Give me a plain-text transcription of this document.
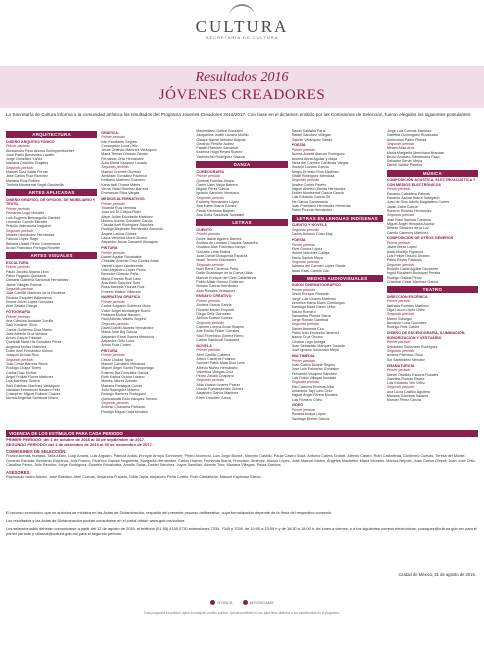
CULTURA
SECRETARÍA DE CULTURA
Resultados 2016
JÓVENES CREADORES
La Secretaría de Cultura informa a la comunidad artística los resultados del Programa Jóvenes Creadores 2016/2017. Con base en el dictamen emitido por las Comisiones de Selección, fueron elegidos los siguientes postulantes:
ARQUITECTURA
DISEÑO ARQUITECTÓNICO
Primer periodo
Alessandro Pavo Alonso Schleppenkoetter
Juan Pablo Benavides Lavalle
Jorge González Yáñez
Mariana Ordóñez Grajales
Segundo periodo
Manuel Díaz Salas Porras
José Carlos Ruiz Ramírez
Mariana Ríos Robles
Thelma Montserrat Segal Gardavilla
ARTES APLICADAS
DISEÑO GRÁFICO, DE OFICIOS, DE MOBILIARIO Y TEXTIL
Primer periodo
Fernando Lugo Morales
Luis Eugenio Bermeguillo Gamble
Leonardo Carrillo Méndez
Priscila Valenzuela Izaguirre
Segundo periodo
Moisés Hernández Hernández
Fabiola López Rago
Bibiana Lissett Pérez Colmenares
Aruan Francisco Portugal Rosette
ARTES VISUALES
ESCULTURA
Primer periodo
Paulo Jacobo Aldana León
Pablo Rogaolo Quintanar
Damaris Gabriela Sandoval Hernández
Jaime Villegas Ramos
Segundo periodo
Julia Camille Martínez de la Escalera
Ricardo Esquivel Ballesteros
Emma Jeizel López González
Abel Zavala Ortega
FOTOGRAFÍA
Primer periodo
Ana Carolina Andrade Zorrilla
Saúl Kaminer Girón
Carlos Guillermo Díaz Martín
José Alfredo Cruz Medina
Arturo García Trinidad
Quetzalli Nicte-Ha González Pérez
Angelina Nuñez Martínez
Dulce Itzel Fernández Alonso
Joaquín Urrutia Ruiz
Segundo periodo
Julio César Barrera Sierra
Rodrigo Chapa Torres
Carlos Díaz Muñoz
Ángel Froilán Flores Martínez
Luis Martínez Guerra
Saúl Esteban Martínez Velázquez
Nahatan Emmanuel Navarro Félix
Cristopher Miguel Rolland Chávez
Norma Angélica Sandoval Bravo
GRÁFICA
Primer periodo
Irán Escalante Segura
Concepción Luna Ortiz
Jesús Orlando Martínez Velázquez
María Teresa Olmedo Zavala
Fernando Ortiz Hernández
Aura María Vázquez Lozada
Segundo periodo
Marisol Cremes Guzmán
Abraham González Pacheco
Emiliano Martínez Guerrero
Karla Itzel Ovarra Mares
Verna Yadid Ramírez Barrera
Emmanuel Silva Vargas
MEDIOS ALTERNATIVOS
Primer periodo
Yolanda Ruíz Heredia
Juan Izu Di Crispol Rojel
Aleph Julián Escobedo Martínez
Mónica Ivonne González García
Claudia Itzel Rodríguez Sánchez
Rodrigo Alejandro Hernández Acevedo
Ángela Lavina Gómez
Laura Verónica Mora Orozco
Alejandro Jesús Zamarrie Almaguer
PINTURA
Primer periodo
Daniel Aguilar Ruvalcaba
Christian Antonio Cruz Gómez Arias
Yareeli López Landeverde
Uriel Alejandro López Pérez
Berenice Olmedo Peña
María Ernesto Ruel Lauz
Ana Ibeth Sánchez Soto
Rosa Marcela Ysunza Ruiz
Ernesto Walker Villarreal
NARRATIVA GRÁFICA
Primer periodo
Carlos Augusto Gutiérrez Mora
Víctor Ángel Montalegre Romo
Rosaura Muñoz Navarro
Raúl Alfonso Valdés Segura
Segundo periodo
David Daniel Álvarez Hernández
María José Boj García
Alejandro Elma Gómez Mendoza
Alejandra Ortiz Luna
Arturo Ruiz Cortés
PINTURA
Primer periodo
César Ciudad Tapia
Manuel Camacho Mendoza
Miguel Ángel Garibi Franquelago
Erasmo Ilya González García
Ruth Karina Ochoa Lozano
Moisés Jáurez Arévalo
Mariana Paniagua Corrés
Julio Rodríguez Moreno
Rodrigo Ramírez Rodríguez
Quetzalcoatl Raúl Vázquez Tenorio
Segundo periodo
Antonio Chavarría Pichardo
Rodrigo Miguel Gaja Morales
Maximiliano Gatica González
Jacqueline Judith Lozano Murillo
Gladys Noemí Méndez Alayola
Gerardo Peroña Juárez
Fabián Ramírez Sandoval
Itzamna Hugo Reyes Suárez
Yacksechel Rodríguez Salazar
DANZA
COREOGRAFÍA
Primer periodo
Quetzal Fuentes Anaya
Darim Uziel Mejía Barrera
Miguel Pérez García
Ignacio Sánchez Verdusco
Segundo periodo
Eridamy Hernández López
Ana Karen Ibarra Gómez
Paola Kirchman Balpich
Ana Sofía Sandoval Toussaint
LETRAS
CUENTO
Primer periodo
Dulce Isabel Aguirre Barrera
Andrea de Lourdes Chapela Saavedra
Gustavo Alan Francisco Idroyo
Gonzalo Lima Molina
Juan Daniel Mosqueda Esparza
Israel Tenorio Holzwarter
Segundo periodo
Noel René Cisneros Peña
Dalia Guadalupe de la Cueva Ulloa
Manuel Enrique del Cielo Castellanos
Pablo Alfaib Gómez Gutiérrez
Moisés García Hernández
Aldo Rosales Velázquez
ENSAYO CREATIVO
Primer periodo
Andrea García García
Ricardo Medel Esquivel
Diego Ortíz González
Ainhoa Suárez Gómez
Segundo periodo
Carmen Lorena Amat Shapiro
Ana Emilia Felker Corrales
Saúl Florentino Gómez Fierro
Carlos Sandoval Toussaint
NOVELA
Primer periodo
Abril Castillo Cabrera
Arturo Cisneros Polanco
Samuel Pablo Mata Díaz León
Alfredo Núñez Hernández
Valentina Villegas Cruz
Pedro Zavala Chaparro
Segundo periodo
Aida Vivana Linares Parker
Ursula Fuentesberain Gómez
Alejandro García Martínez
Efrén Ordóñez Garza
Daniel Saldaña París
Rafael Sánchez Villegas
Gabriel Velázquez Toledo
POESÍA
Primer periodo
Norma Araceli Alarcón Rodríguez
Andrea Alicia Aguilar y Maya
Tania del Carmen Cárdenas Vargas
Horacio Lozano García
Sergio Ernesto Ríos Martínez
Xitlalli Rodríguez Mendoza
Segundo periodo
Azalea Cortés Pineiro
Miguel Ahmed Obeida Hernández
Esther Montserrat García García
Luis Eduardo García Gil
Iris García Santamaría
Juan Francisco Hernández Herrerías
Pablo Picenia Hernández
LETRAS EN LENGUAS INDÍGENAS
CUENTO Y NOVELA
Segundo periodo
Carlos Antonio Chan May
POESÍA
Primer periodo
Elvis Guerra López
Hubert Martínez Calleja
María Santos Meza
Segundo periodo
Adriana del Carmen López Sántiz
Isaac Esaú Carrillo Can
MEDIOS AUDIOVISUALES
GUION CINEMATOGRÁFICO
Primer periodo
Jesús Enrique Rinzanin
Jorge Luis Linares Martínez
Verónica María Mann Cienfuegos
Santiago Mara Green Uribe
Mauro Romero
Samantha Pineda Sierra
Jorge Román Gamboa
Segundo periodo
Daniel Armenta Ciro
Pablo Ivan Escareño Jiménez
Nancy Cruz Orozco
Cristina Lugo Arriaga
Juan Sebastián Márquez Tostado
José Ignacio Solórzano Mejía
MULTIMEDIA
Primer periodo
Juan Carlos Duarte Regino
José Luis Palomino González
Fernando Vázquez Sánchez
Luis Rubio Villegas Iturralde
Segundo periodo
Elsi Carmina Encinas Alba
Amaranta Tayi Lobo Ortiz
Miguel Ángel Rivera Morales
Luis Romero Chino
VIDEO
Primer periodo
Roxana Anaya López
Santiago Bretón García
Jorge Luis Cuevas Martínez
Gabriela Domínguez Ruvalcaba
Ambrosius Pablo Pineda
Segundo periodo
Miriam Alcia Arce
María Margarita Menchaca Brandan
Bruno Amadeo Santamaría Razo
Salvador Servin Mejía
Daniel Valdéz Puertos
MÚSICA
COMPOSICIÓN ACÚSTICA, ELECTROACÚSTICA Y CON MEDIOS ELECTRÓNICOS
Primer periodo
Eduardo Caballero Palmas
Eduardo Azecte Ibarra Salvigarín
Juan de Dios Adolfo Magdaleno Cortés
Javan Zafra García
Roberto Ricardo Hernández
Segundo periodo
José Raúl Ibarrola Cardona
Miguel Ángel Hinojosa Aquino
Alfredo Sánchez de la Luz
Camilo Cisneros Martínez
COMPOSICIÓN DE OTROS GÉNEROS
Primer periodo
Javier Meza López
Isaac Montijo Figueroa
Luis Felipe Orozco Álvarez
Pablo Reyes Palacios
Segundo periodo
Rodolfo David Aguilar Dezarrete
Ingrid Elizabeth Bousquet Peralta
Rodrigo Galicia Pérez
Cristóbal César Martínez García
TEATRO
DIRECCIÓN ESCÉNICA
Primer periodo
Nathalia Fuentes Martínez
Olga Laura López Uribe
Segundo periodo
Mauro Solsegui
Armando Luna González
Rodrigo Ruiz Castro
DISEÑO DE ESCENOGRAFÍA, ILUMINACIÓN, SONORIZACIÓN Y VESTUARIO
Primer periodo
Sebastián Solórzano Rodríguez
Segundo periodo
Andrea Pacheco Ossa
Sol Santibáñez Méndez
DRAMATURGIA
Primer periodo
Daniel Osvaldo Esdoria Rosales
Gabriela Román Rivera
Luis Eduardo Yee Vélez
Segundo periodo
Ana Lucía Castillo Aguilera
Mariana Gándara Salazar
Manuel Pérez García
VIGENCIA DE LOS ESTÍMULOS PARA CADA PERIODO
PRIMER PERIODO: del 1 de octubre de 2016 al 30 de septiembre de 2017.
SEGUNDO PERIODO: del 1 de diciembre de 2016 al 30 de noviembre de 2017.
COMISIONES DE SELECCIÓN:
Franco Arenas Hurtado, Talía Alfaro, Luigi Amara, Luis Argudín, Patricia Ardila, Enrique Arroyo Schroeder, Pedro Ascencio, Luis Jorge Boone, Marcelo Castillo, Paula Castro Sosa, Antonio Calera-Grobet, Alfredo Castro, Ruth Castañeda, Guillermo Cuevas, Teresa del Monte, Gerardo Estrada, Bernardo Esquinca, Ana Franco, Federico Galván Nogueiras, Margarita Hernández, Carlos Huerta, Fernanda Ibarra, Francisco Jiménez, Alonso López, José Manuel Mateo, Ángeles Mastretta, María Morales, Mónica Nepote, Juan Carlos Olvera, Juan José Ortiz, Claudina Pérez, Julio Rendón, Jorge Rodríguez, Eusebio Ruvalcaba, Arnulfo Salas, Daniel Sánchez, Joyce Santillán, Alberto Toro, Mariana Villegas, Paola Zamora.
ASESORES:
Raymundo Isidro Alavez, José Bastiani, Abel Cuevas, Alejandra Frausto, Gilda Tapia, Alejandro Peña Cortés, Ruth Castañeda, Manuel Espinosa Sáenz.

El recurso económico que se autoriza se ministra en las Actas de Dictaminación, respaldo del presente proceso deliberativo, cuya formalización depende de la firma del respectivo convenio.

Los resultados y las Actas de Dictaminación podrán consultarse en el portal oficial: www.gob.mx/cultura

Los seleccionados deberán comunicarse a partir del 12 de agosto de 2016, al teléfono (01 55) 4155 0730 extensiones 7034, 7040 y 7039, de 10:00 a 15:00 h y de 16:30 a 18:00 h, de lunes a viernes, o a los siguientes correos electrónicos: cvazquez@cultura.gob.mx para el primer periodo y villareal@cultura.gob.mx para el segundo periodo.

Ciudad de México, 31 de agosto de 2016.
/FONCA	@FONCAMX
Este programa es público, ajeno a cualquier partido político. Queda prohibido el uso para fines distintos a los establecidos en el programa.
